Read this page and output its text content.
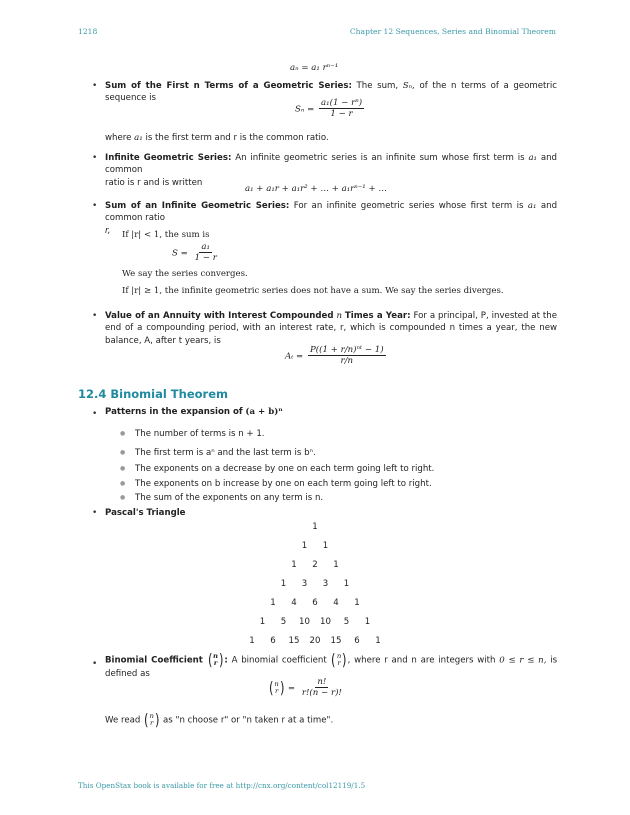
1218	Chapter 12 Sequences, Series and Binomial Theorem
aₙ = a₁ rⁿ⁻¹
• Sum of the First n Terms of a Geometric Series: The sum, Sₙ, of the n terms of a geometric sequence is
$S_n = \frac{\text{a₁(1 − rⁿ)}}{1 - r}$
where a₁ is the first term and r is the common ratio.
• Infinite Geometric Series: An infinite geometric series is an infinite sum whose first term is a₁ and common
ratio is r and is written
a₁ + a₁r + a₁r² + … + a₁rⁿ⁻¹ + …
• Sum of an Infinite Geometric Series: For an infinite geometric series whose first term is a₁ and common ratio
r,	If |r| < 1, the sum is
$S = \frac{\text{a₁}}{1 - r}$
We say the series converges.
If |r| ≥ 1, the infinite geometric series does not have a sum. We say the series diverges.
• Value of an Annuity with Interest Compounded n Times a Year: For a principal, P, invested at the end of a compounding period, with an interest rate, r, which is compounded n times a year, the new balance, A, after t years, is
$A_t = \frac{\text{P((1 + r/n)ⁿᵗ − 1)}}{r/n}$
12.4 Binomial Theorem
• Patterns in the expansion of (a + b)ⁿ
● The number of terms is n + 1.
● The first term is aⁿ and the last term is bⁿ.
● The exponents on a decrease by one on each term going left to right.
● The exponents on b increase by one on each term going left to right.
● The sum of the exponents on any term is n.
• Pascal's Triangle
1
1 1
1 2 1
1 3 3 1
1 4 6 4 1
1 5 10 10 5 1
1 6 15 20 15 6 1
• Binomial Coefficient ( n
r ) : A binomial coefficient ( n
r ) , where r and n are integers with 0 ≤ r ≤ n, is defined as
( n
r ) = $\frac{n!}{r!(n - r)!}$
We read ( n
r ) as "n choose r" or "n taken r at a time".
This OpenStax book is available for free at http://cnx.org/content/col12119/1.5
